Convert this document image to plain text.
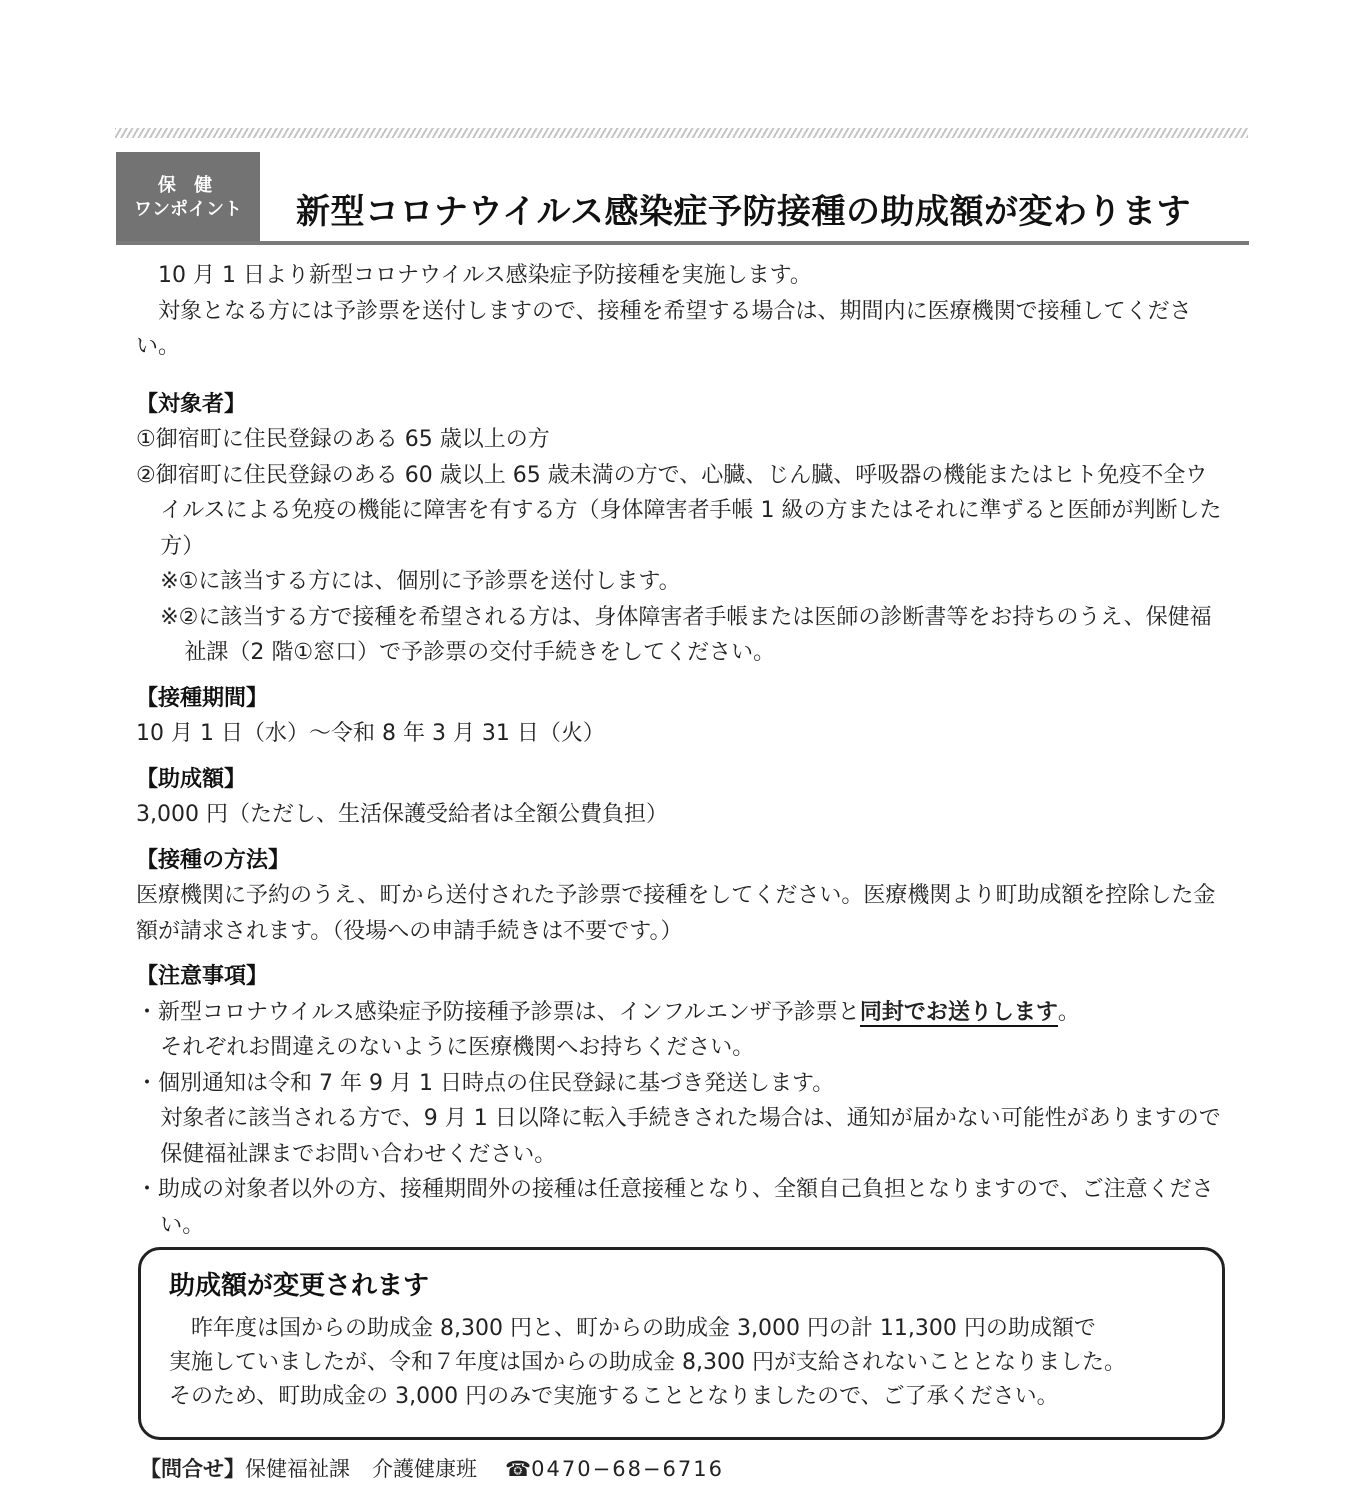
保 健
ワンポイント	新型コロナウイルス感染症予防接種の助成額が変わります

10 月 1 日より新型コロナウイルス感染症予防接種を実施します。

対象となる方には予診票を送付しますので、接種を希望する場合は、期間内に医療機関で接種してください。

【対象者】

①御宿町に住民登録のある 65 歳以上の方

②御宿町に住民登録のある 60 歳以上 65 歳未満の方で、心臓、じん臓、呼吸器の機能またはヒト免疫不全ウイルスによる免疫の機能に障害を有する方（身体障害者手帳 1 級の方またはそれに準ずると医師が判断した方）

※①に該当する方には、個別に予診票を送付します。

※②に該当する方で接種を希望される方は、身体障害者手帳または医師の診断書等をお持ちのうえ、保健福祉課（2 階①窓口）で予診票の交付手続きをしてください。

【接種期間】

10 月 1 日（水）～令和 8 年 3 月 31 日（火）

【助成額】

3,000 円（ただし、生活保護受給者は全額公費負担）

【接種の方法】

医療機関に予約のうえ、町から送付された予診票で接種をしてください。医療機関より町助成額を控除した金額が請求されます。（役場への申請手続きは不要です。）

【注意事項】

・新型コロナウイルス感染症予防接種予診票は、インフルエンザ予診票と同封でお送りします。

それぞれお間違えのないように医療機関へお持ちください。

・個別通知は令和 7 年 9 月 1 日時点の住民登録に基づき発送します。

対象者に該当される方で、9 月 1 日以降に転入手続きされた場合は、通知が届かない可能性がありますので保健福祉課までお問い合わせください。

・助成の対象者以外の方、接種期間外の接種は任意接種となり、全額自己負担となりますので、ご注意ください。

助成額が変更されます
昨年度は国からの助成金 8,300 円と、町からの助成金 3,000 円の計 11,300 円の助成額で
実施していましたが、令和７年度は国からの助成金 8,300 円が支給されないこととなりました。
そのため、町助成金の 3,000 円のみで実施することとなりましたので、ご了承ください。
【問合せ】保健福祉課 介護健康班 ☎0470−68−6716
